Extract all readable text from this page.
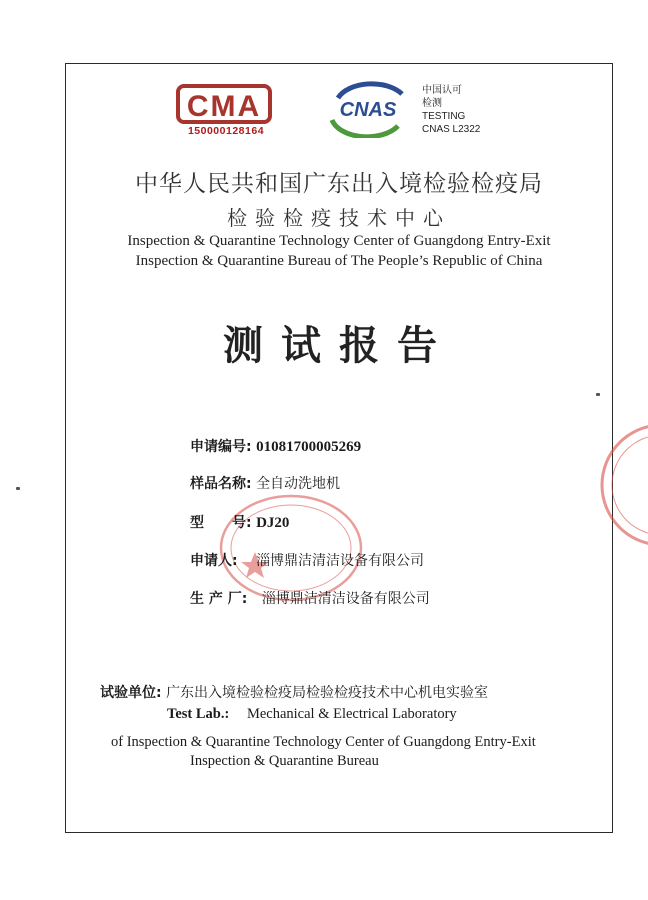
CMA
150000128164
CNAS
中国认可
检测
TESTING
CNAS L2322
中华人民共和国广东出入境检验检疫局
检验检疫技术中心
Inspection & Quarantine Technology Center of Guangdong Entry-Exit
Inspection & Quarantine Bureau of The People’s Republic of China
测试报告
申请编号: 01081700005269
样品名称: 全自动洗地机
型　　号: DJ20
申请人: 淄博鼎洁清洁设备有限公司
生 产 厂: 淄博鼎洁清洁设备有限公司
试验单位: 广东出入境检验检疫局检验检疫技术中心机电实验室
Test Lab.: Mechanical & Electrical Laboratory
of Inspection & Quarantine Technology Center of Guangdong Entry-Exit
Inspection & Quarantine Bureau
